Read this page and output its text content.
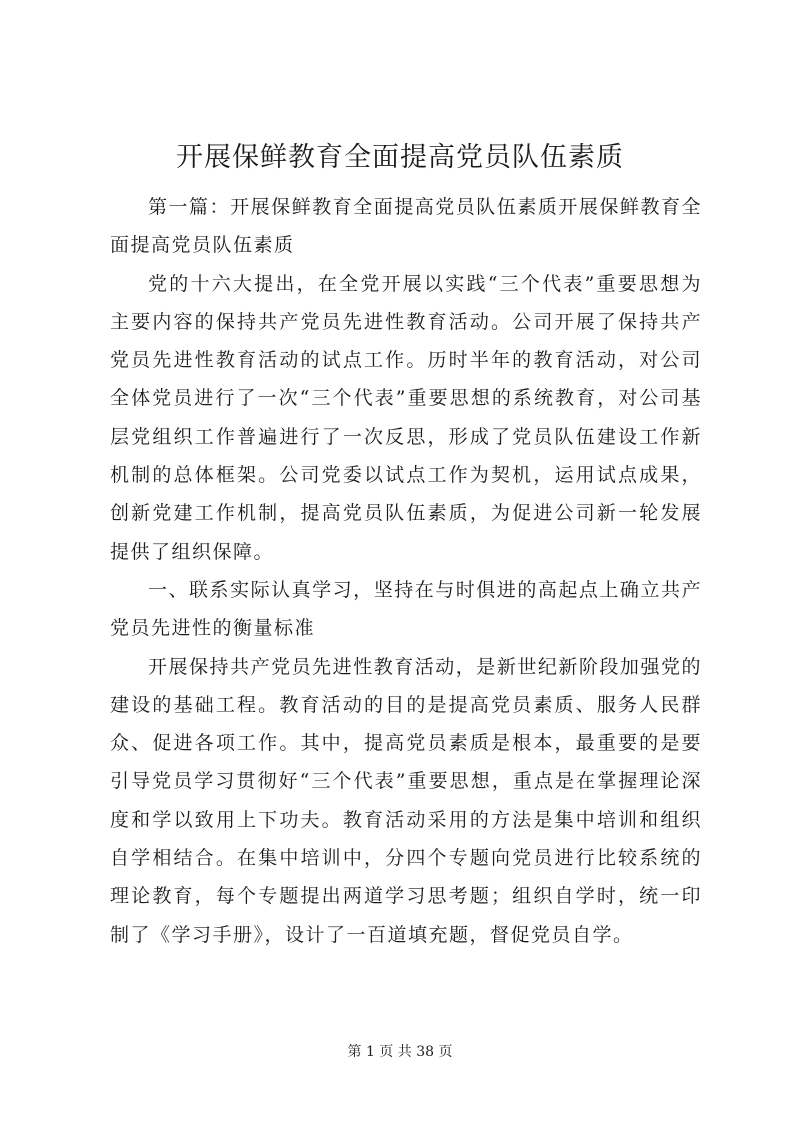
开展保鲜教育全面提高党员队伍素质

第一篇：开展保鲜教育全面提高党员队伍素质开展保鲜教育全面提高党员队伍素质

党的十六大提出，在全党开展以实践“三个代表”重要思想为主要内容的保持共产党员先进性教育活动。公司开展了保持共产党员先进性教育活动的试点工作。历时半年的教育活动，对公司全体党员进行了一次“三个代表”重要思想的系统教育，对公司基层党组织工作普遍进行了一次反思，形成了党员队伍建设工作新机制的总体框架。公司党委以试点工作为契机，运用试点成果，创新党建工作机制，提高党员队伍素质，为促进公司新一轮发展提供了组织保障。

一、联系实际认真学习，坚持在与时俱进的高起点上确立共产党员先进性的衡量标准

开展保持共产党员先进性教育活动，是新世纪新阶段加强党的建设的基础工程。教育活动的目的是提高党员素质、服务人民群众、促进各项工作。其中，提高党员素质是根本，最重要的是要引导党员学习贯彻好“三个代表”重要思想，重点是在掌握理论深度和学以致用上下功夫。教育活动采用的方法是集中培训和组织自学相结合。在集中培训中，分四个专题向党员进行比较系统的理论教育，每个专题提出两道学习思考题；组织自学时，统一印制了《学习手册》，设计了一百道填充题，督促党员自学。

第 1 页 共 38 页
